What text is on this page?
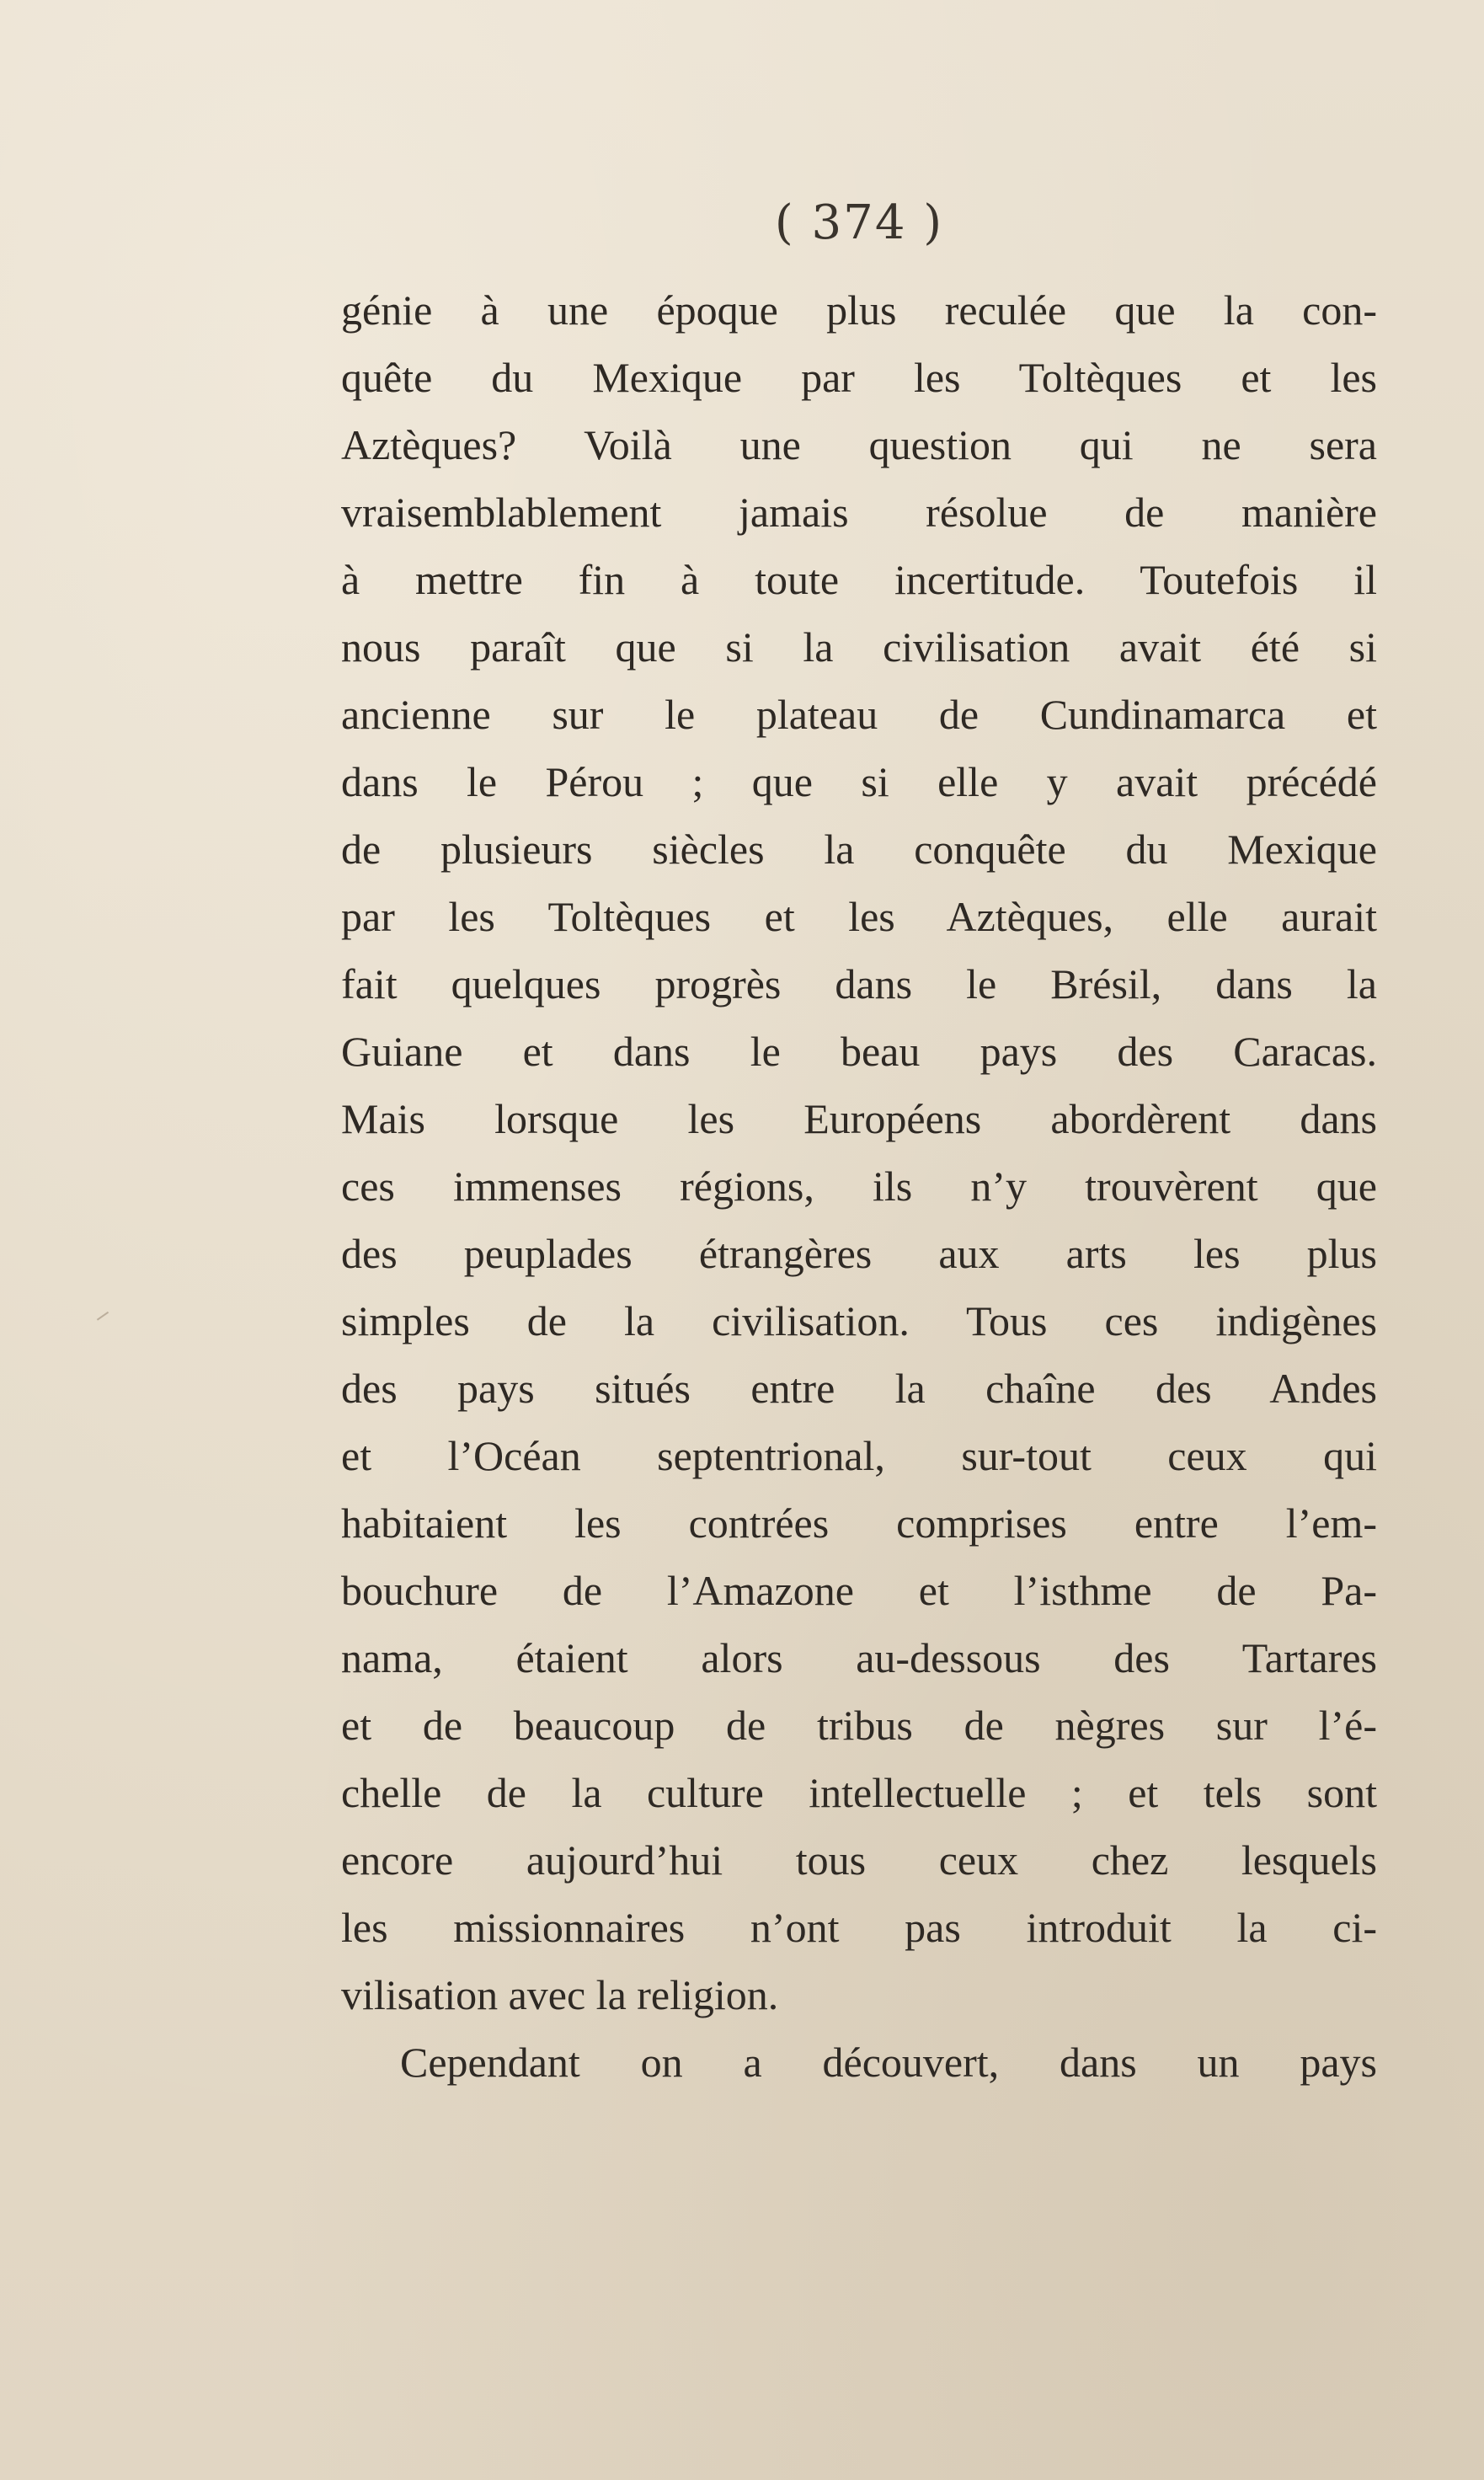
( 374 )
génie à une époque plus reculée que la con-
quête du Mexique par les Toltèques et les
Aztèques? Voilà une question qui ne sera
vraisemblablement jamais résolue de manière
à mettre fin à toute incertitude. Toutefois il
nous paraît que si la civilisation avait été si
ancienne sur le plateau de Cundinamarca et
dans le Pérou ; que si elle y avait précédé
de plusieurs siècles la conquête du Mexique
par les Toltèques et les Aztèques, elle aurait
fait quelques progrès dans le Brésil, dans la
Guiane et dans le beau pays des Caracas.
Mais lorsque les Européens abordèrent dans
ces immenses régions, ils n’y trouvèrent que
des peuplades étrangères aux arts les plus
simples de la civilisation. Tous ces indigènes
des pays situés entre la chaîne des Andes
et l’Océan septentrional, sur-tout ceux qui
habitaient les contrées comprises entre l’em-
bouchure de l’Amazone et l’isthme de Pa-
nama, étaient alors au-dessous des Tartares
et de beaucoup de tribus de nègres sur l’é-
chelle de la culture intellectuelle ; et tels sont
encore aujourd’hui tous ceux chez lesquels
les missionnaires n’ont pas introduit la ci-
vilisation avec la religion.
Cependant on a découvert, dans un pays
